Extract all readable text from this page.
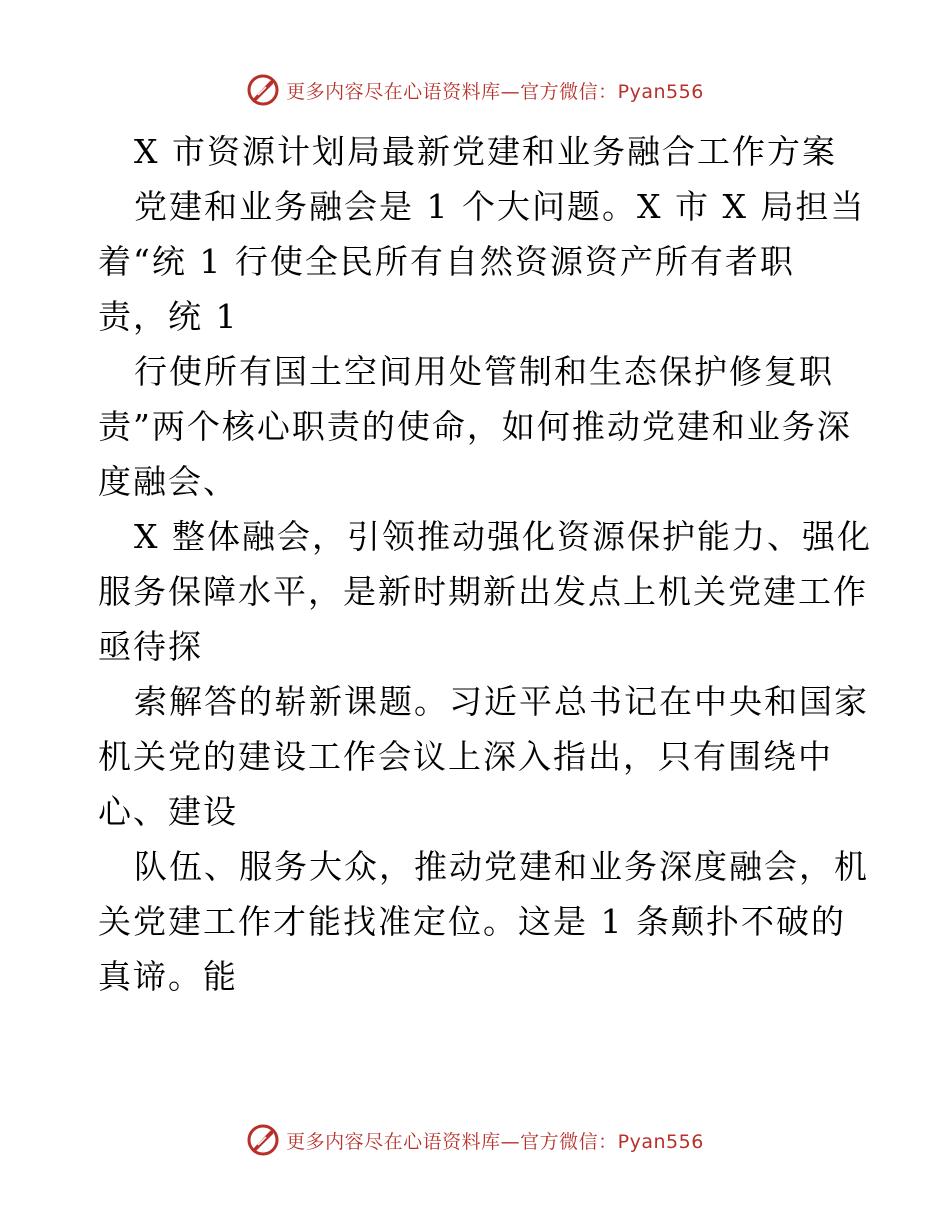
更多内容尽在心语资料库—官方微信：Pyan556
X 市资源计划局最新党建和业务融合工作方案
党建和业务融会是 1 个大问题。X 市 X 局担当
着“统 1 行使全民所有自然资源资产所有者职
责，统 1
行使所有国土空间用处管制和生态保护修复职
责”两个核心职责的使命，如何推动党建和业务深
度融会、
X 整体融会，引领推动强化资源保护能力、强化
服务保障水平，是新时期新出发点上机关党建工作
亟待探
索解答的崭新课题。习近平总书记在中央和国家
机关党的建设工作会议上深入指出，只有围绕中
心、建设
队伍、服务大众，推动党建和业务深度融会，机
关党建工作才能找准定位。这是 1 条颠扑不破的
真谛。能
更多内容尽在心语资料库—官方微信：Pyan556
